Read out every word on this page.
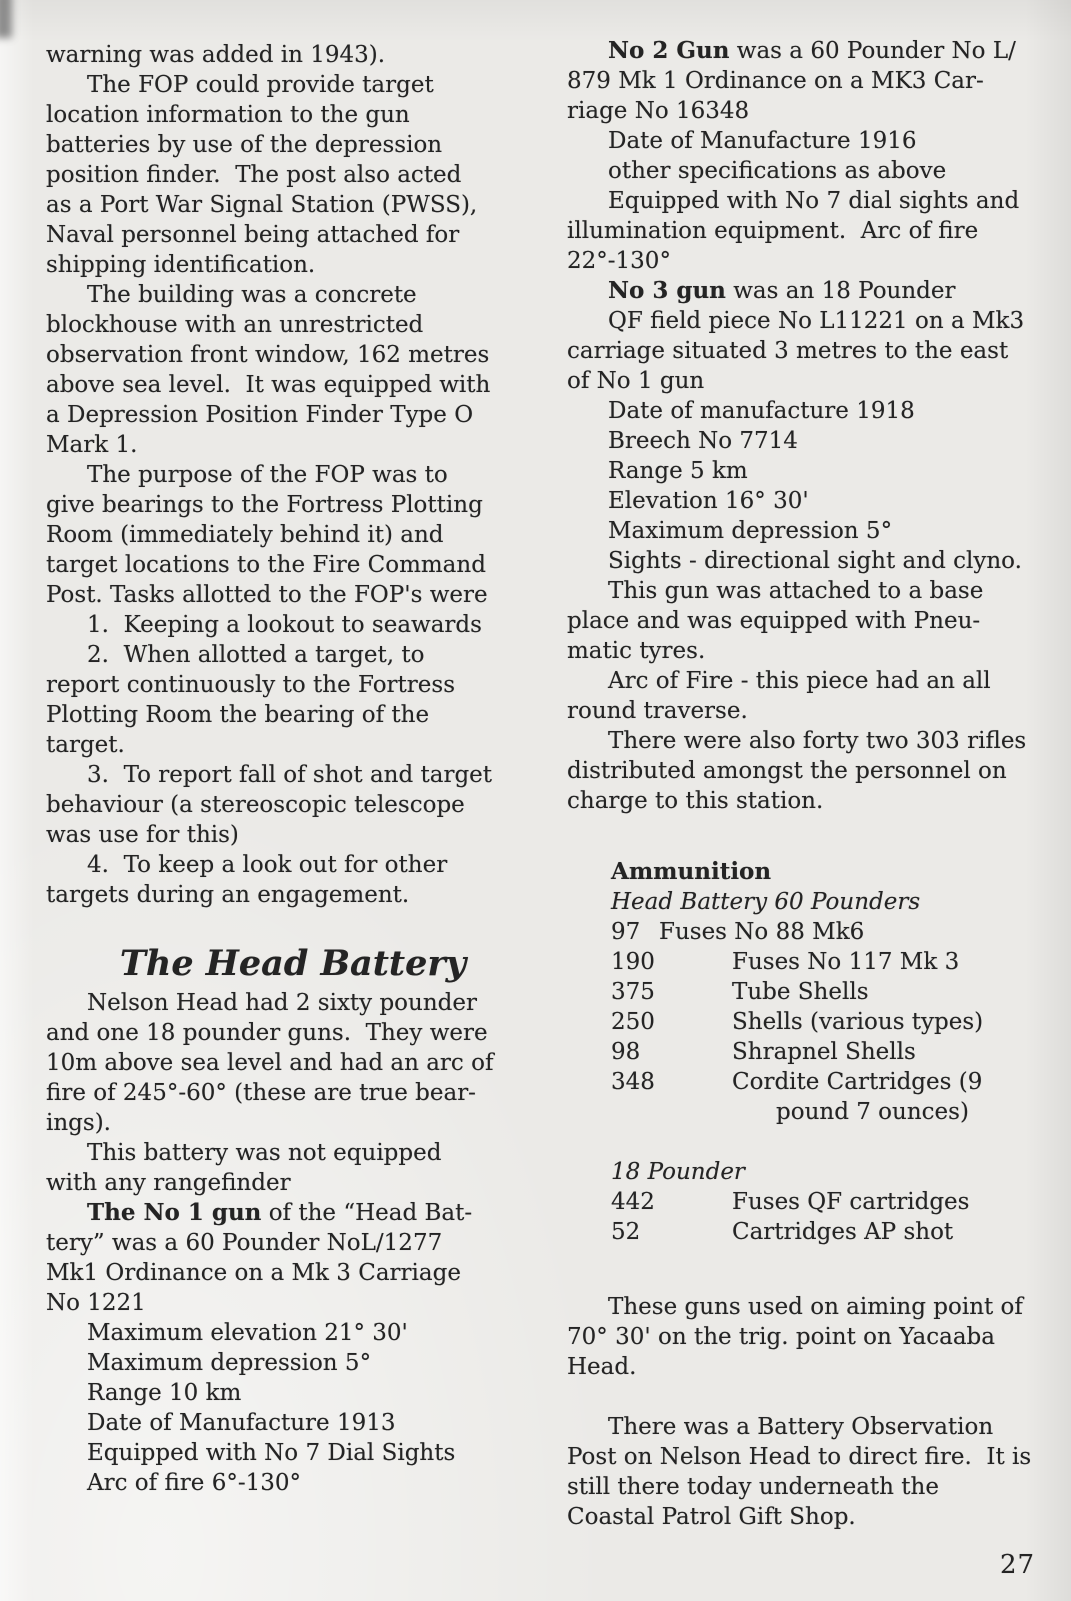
warning was added in 1943).
The FOP could provide target
location information to the gun
batteries by use of the depression
position finder.  The post also acted
as a Port War Signal Station (PWSS),
Naval personnel being attached for
shipping identification.
The building was a concrete
blockhouse with an unrestricted
observation front window, 162 metres
above sea level.  It was equipped with
a Depression Position Finder Type O
Mark 1.
The purpose of the FOP was to
give bearings to the Fortress Plotting
Room (immediately behind it) and
target locations to the Fire Command
Post. Tasks allotted to the FOP's were
1.  Keeping a lookout to seawards
2.  When allotted a target, to
report continuously to the Fortress
Plotting Room the bearing of the
target.
3.  To report fall of shot and target
behaviour (a stereoscopic telescope
was use for this)
4.  To keep a look out for other
targets during an engagement.
The Head Battery
Nelson Head had 2 sixty pounder
and one 18 pounder guns.  They were
10m above sea level and had an arc of
fire of 245°-60° (these are true bear-
ings).
This battery was not equipped
with any rangefinder
The No 1 gun of the “Head Bat-
tery” was a 60 Pounder NoL/1277
Mk1 Ordinance on a Mk 3 Carriage
No 1221
Maximum elevation 21° 30'
Maximum depression 5°
Range 10 km
Date of Manufacture 1913
Equipped with No 7 Dial Sights
Arc of fire 6°-130°
No 2 Gun was a 60 Pounder No L/
879 Mk 1 Ordinance on a MK3 Car-
riage No 16348
Date of Manufacture 1916
other specifications as above
Equipped with No 7 dial sights and
illumination equipment.  Arc of fire
22°-130°
No 3 gun was an 18 Pounder
QF field piece No L11221 on a Mk3
carriage situated 3 metres to the east
of No 1 gun
Date of manufacture 1918
Breech No 7714
Range 5 km
Elevation 16° 30'
Maximum depression 5°
Sights - directional sight and clyno.
This gun was attached to a base
place and was equipped with Pneu-
matic tyres.
Arc of Fire - this piece had an all
round traverse.
There were also forty two 303 rifles
distributed amongst the personnel on
charge to this station.
Ammunition
Head Battery 60 Pounders
97 Fuses No 88 Mk6
190	Fuses No 117 Mk 3
375	Tube Shells
250	Shells (various types)
98	Shrapnel Shells
348	Cordite Cartridges (9
pound 7 ounces)
18 Pounder
442	Fuses QF cartridges
52	Cartridges AP shot
These guns used on aiming point of
70° 30' on the trig. point on Yacaaba
Head.
There was a Battery Observation
Post on Nelson Head to direct fire.  It is
still there today underneath the
Coastal Patrol Gift Shop.
27
